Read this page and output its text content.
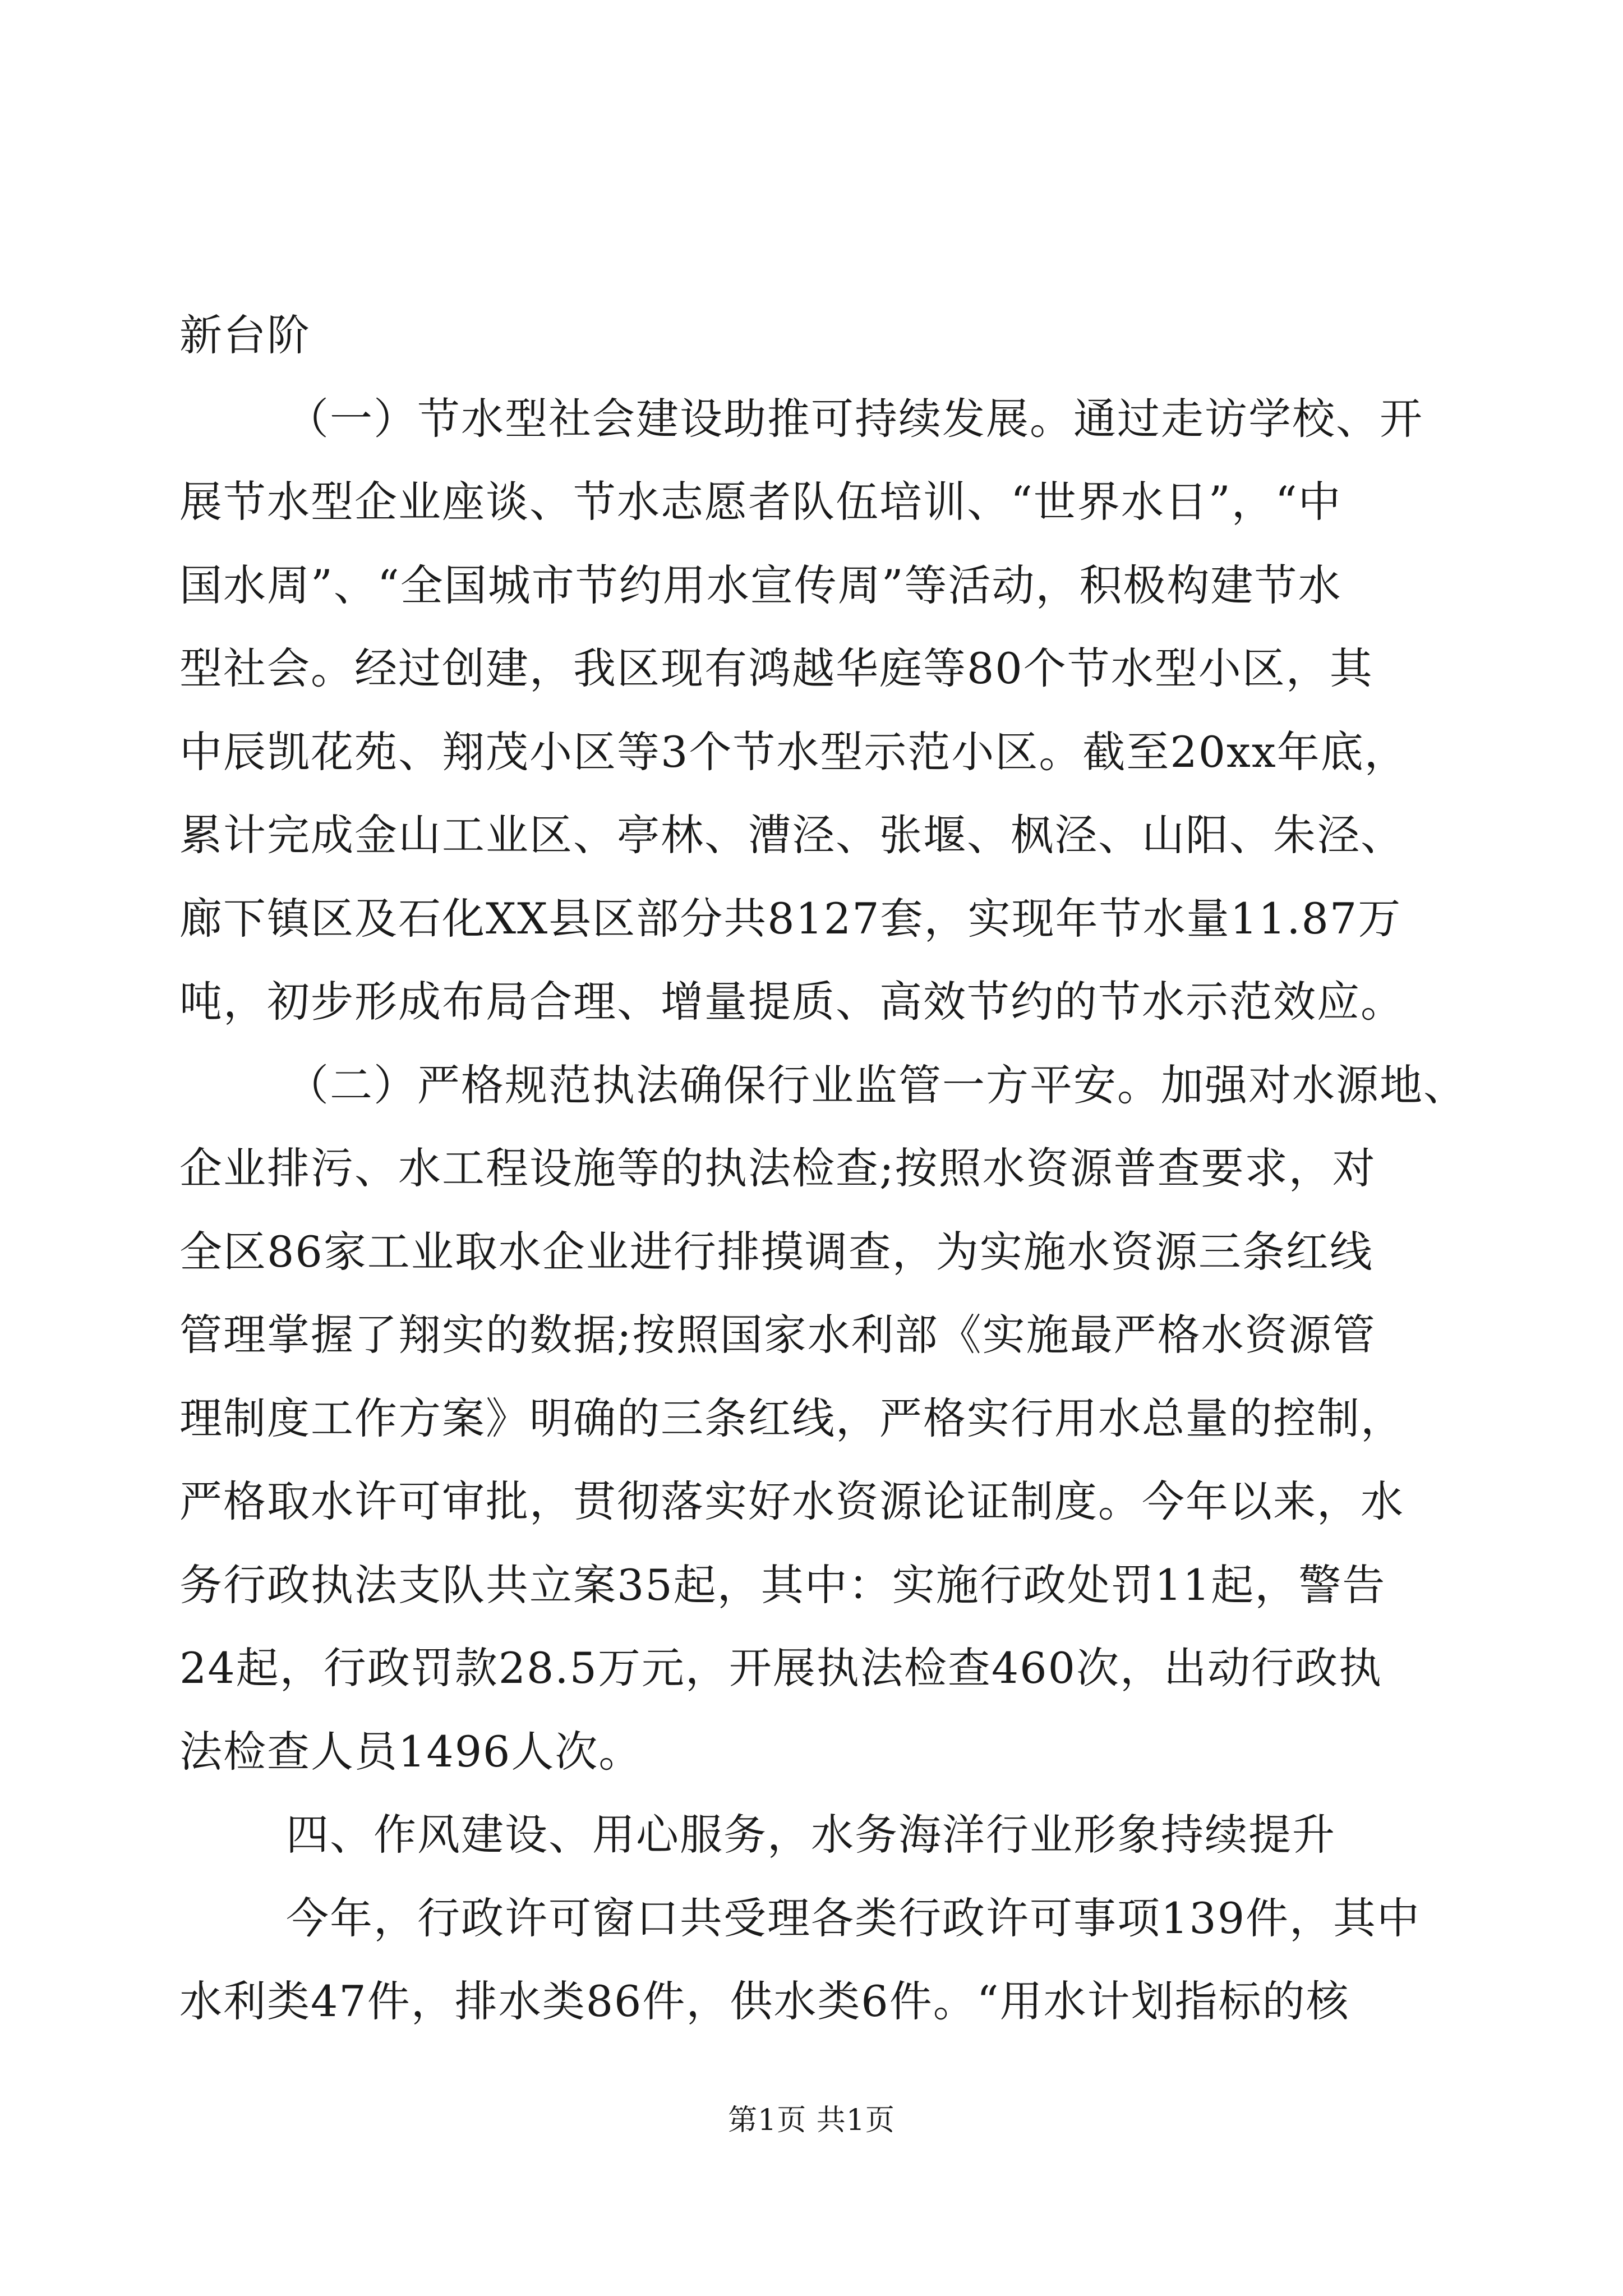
新台阶
（一）节水型社会建设助推可持续发展。通过走访学校、开
展节水型企业座谈、节水志愿者队伍培训、“世界水日”，“中
国水周”、“全国城市节约用水宣传周”等活动，积极构建节水
型社会。经过创建，我区现有鸿越华庭等80个节水型小区，其
中辰凯花苑、翔茂小区等3个节水型示范小区。截至20xx年底，
累计完成金山工业区、亭林、漕泾、张堰、枫泾、山阳、朱泾、
廊下镇区及石化XX县区部分共8127套，实现年节水量11.87万
吨，初步形成布局合理、增量提质、高效节约的节水示范效应。
（二）严格规范执法确保行业监管一方平安。加强对水源地、
企业排污、水工程设施等的执法检查;按照水资源普查要求，对
全区86家工业取水企业进行排摸调查，为实施水资源三条红线
管理掌握了翔实的数据;按照国家水利部《实施最严格水资源管
理制度工作方案》明确的三条红线，严格实行用水总量的控制，
严格取水许可审批，贯彻落实好水资源论证制度。今年以来，水
务行政执法支队共立案35起，其中：实施行政处罚11起，警告
24起，行政罚款28.5万元，开展执法检查460次，出动行政执
法检查人员1496人次。
四、作风建设、用心服务，水务海洋行业形象持续提升
今年，行政许可窗口共受理各类行政许可事项139件，其中
水利类47件，排水类86件，供水类6件。“用水计划指标的核
第1页 共1页
